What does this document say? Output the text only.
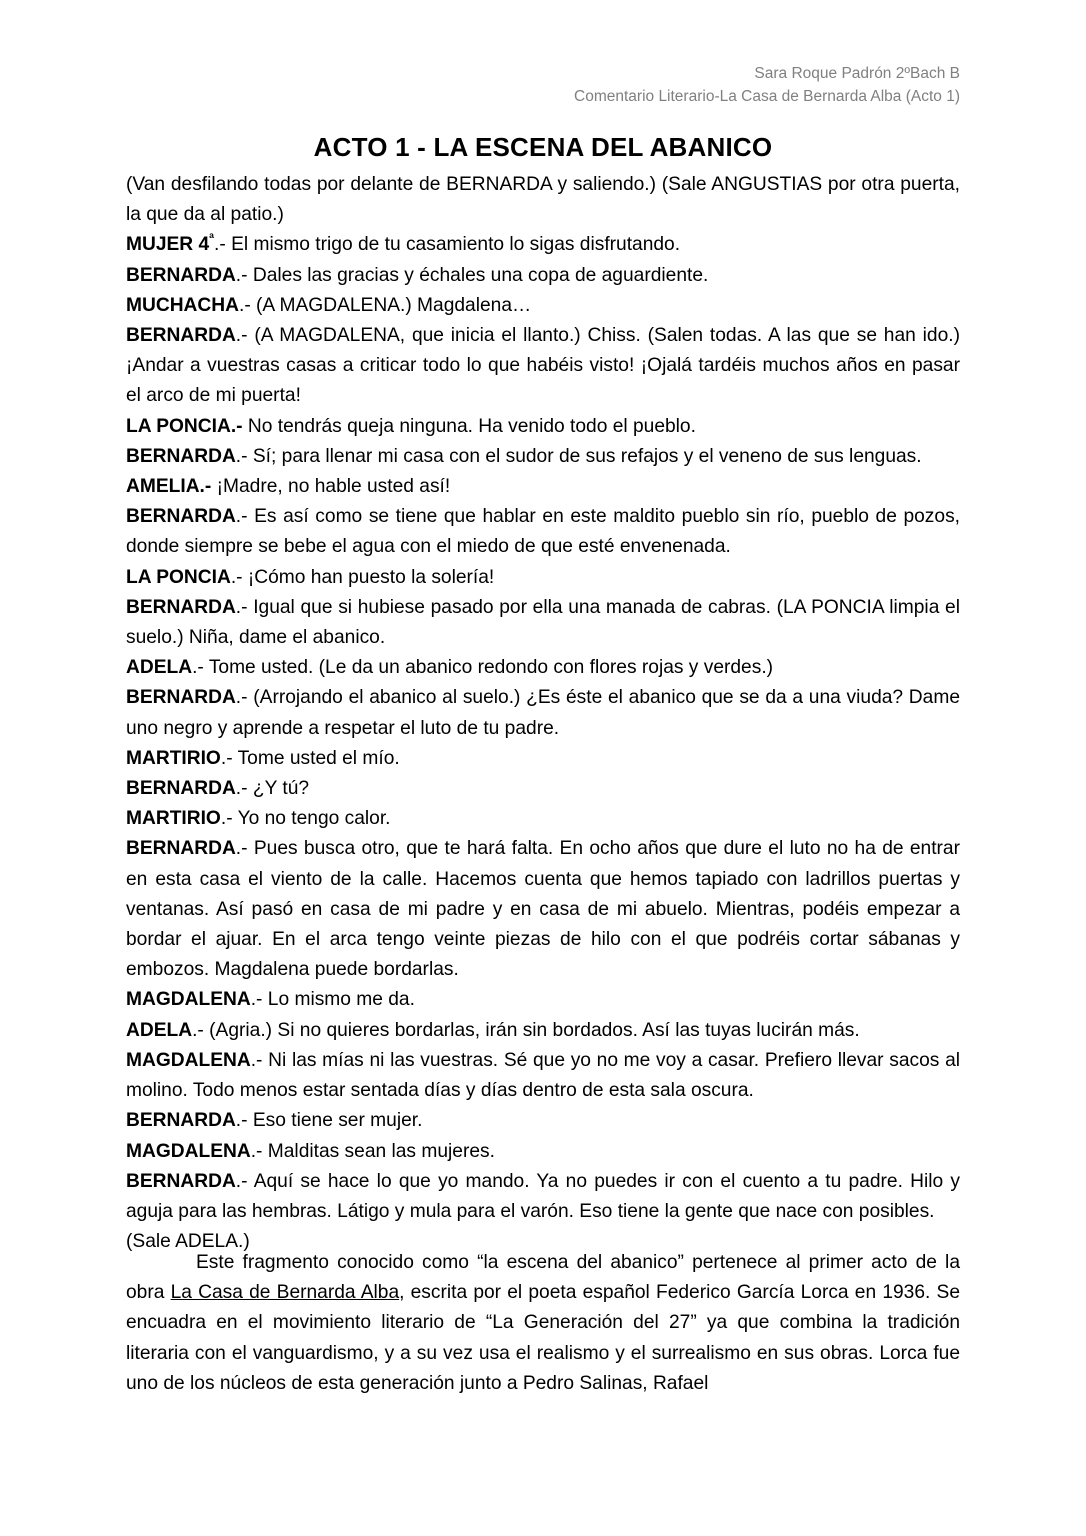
Sara Roque Padrón 2ºBach B
Comentario Literario-La Casa de Bernarda Alba (Acto 1)
ACTO 1 - LA ESCENA DEL ABANICO

(Van desfilando todas por delante de BERNARDA y saliendo.) (Sale ANGUSTIAS por otra puerta, la que da al patio.)

MUJER $4^ª.-$ El mismo trigo de tu casamiento lo sigas disfrutando.

BERNARDA.- Dales las gracias y échales una copa de aguardiente.

MUCHACHA.- (A MAGDALENA.) Magdalena…

BERNARDA.- (A MAGDALENA, que inicia el llanto.) Chiss. (Salen todas. A las que se han ido.) ¡Andar a vuestras casas a criticar todo lo que habéis visto! ¡Ojalá tardéis muchos años en pasar el arco de mi puerta!

LA PONCIA.- No tendrás queja ninguna. Ha venido todo el pueblo.

BERNARDA.- Sí; para llenar mi casa con el sudor de sus refajos y el veneno de sus lenguas.

AMELIA.- ¡Madre, no hable usted así!

BERNARDA.- Es así como se tiene que hablar en este maldito pueblo sin río, pueblo de pozos, donde siempre se bebe el agua con el miedo de que esté envenenada.

LA PONCIA.- ¡Cómo han puesto la solería!

BERNARDA.- Igual que si hubiese pasado por ella una manada de cabras. (LA PONCIA limpia el suelo.) Niña, dame el abanico.

ADELA.- Tome usted. (Le da un abanico redondo con flores rojas y verdes.)

BERNARDA.- (Arrojando el abanico al suelo.) ¿Es éste el abanico que se da a una viuda? Dame uno negro y aprende a respetar el luto de tu padre.

MARTIRIO.- Tome usted el mío.

BERNARDA.- ¿Y tú?

MARTIRIO.- Yo no tengo calor.

BERNARDA.- Pues busca otro, que te hará falta. En ocho años que dure el luto no ha de entrar en esta casa el viento de la calle. Hacemos cuenta que hemos tapiado con ladrillos puertas y ventanas. Así pasó en casa de mi padre y en casa de mi abuelo. Mientras, podéis empezar a bordar el ajuar. En el arca tengo veinte piezas de hilo con el que podréis cortar sábanas y embozos. Magdalena puede bordarlas.

MAGDALENA.- Lo mismo me da.

ADELA.- (Agria.) Si no quieres bordarlas, irán sin bordados. Así las tuyas lucirán más.

MAGDALENA.- Ni las mías ni las vuestras. Sé que yo no me voy a casar. Prefiero llevar sacos al molino. Todo menos estar sentada días y días dentro de esta sala oscura.

BERNARDA.- Eso tiene ser mujer.

MAGDALENA.- Malditas sean las mujeres.

BERNARDA.- Aquí se hace lo que yo mando. Ya no puedes ir con el cuento a tu padre. Hilo y aguja para las hembras. Látigo y mula para el varón. Eso tiene la gente que nace con posibles.

(Sale ADELA.)

Este fragmento conocido como “la escena del abanico” pertenece al primer acto de la obra La Casa de Bernarda Alba, escrita por el poeta español Federico García Lorca en 1936. Se encuadra en el movimiento literario de “La Generación del 27” ya que combina la tradición literaria con el vanguardismo, y a su vez usa el realismo y el surrealismo en sus obras. Lorca fue uno de los núcleos de esta generación junto a Pedro Salinas, Rafael
